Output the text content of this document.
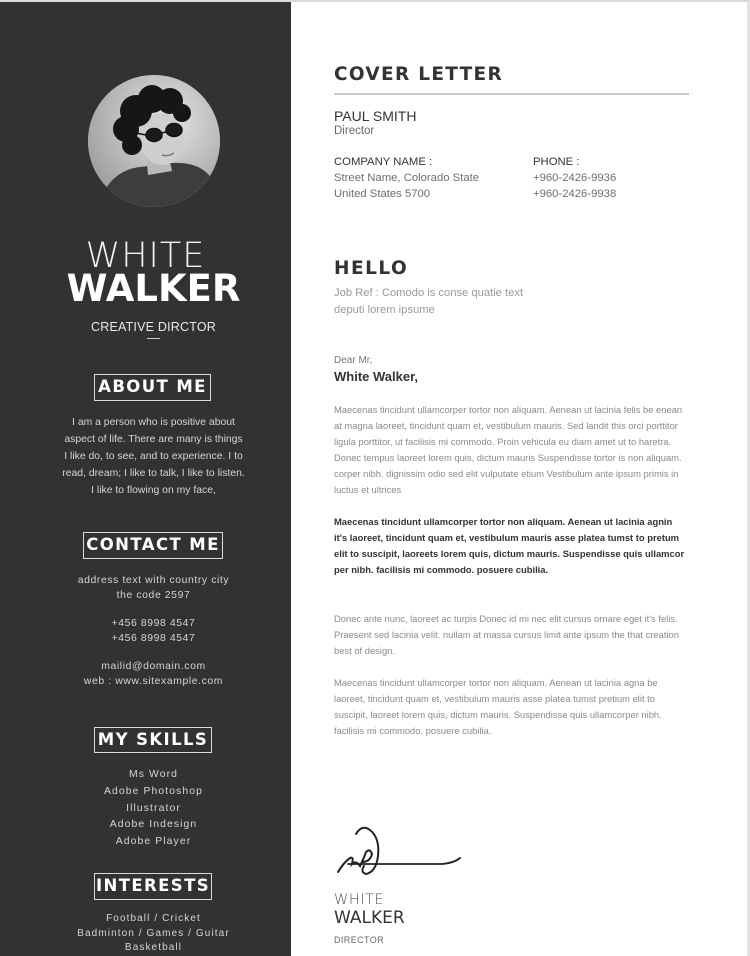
WHITE
WALKER
CREATIVE DIRCTOR
ABOUT ME
I am a person who is positive about
aspect of life. There are many is things
I like do, to see, and to experience. I to
read, dream; I like to talk, I like to listen.
I like to flowing on my face,
CONTACT ME
address text with country city
the code 2597
+456 8998 4547
+456 8998 4547
mailid@domain.com
web : www.sitexample.com
MY SKILLS
Ms Word
Adobe Photoshop
Illustrator
Adobe Indesign
Adobe Player
INTERESTS
Football / Cricket
Badminton / Games / Guitar
Basketball
COVER LETTER
PAUL SMITH
Director
COMPANY NAME :
Street Name, Colorado State
United States 5700
PHONE :
+960-2426-9936
+960-2426-9938
HELLO
Job Ref : Comodo is conse quatie text
deputi lorem ipsume
Dear Mr,
White Walker,

Maecenas tincidunt ullamcorper tortor non aliquam. Aenean ut lacinia felis be enean at magna laoreet, tincidunt quam et, vestibulum mauris. Sed landit this orci porttitor ligula porttitor, ut facilisis mi commodo. Proin vehicula eu diam amet ut to haretra. Donec tempus laoreet lorem quis, dictum mauris Suspendisse tortor is non aliquam. corper nibh. dignissim odio sed elit vulputate etium Vestibulum ante ipsum primis in luctus et ultrices

Maecenas tincidunt ullamcorper tortor non aliquam. Aenean ut lacinia agnin it's laoreet, tincidunt quam et, vestibulum mauris asse platea tumst to pretum elit to suscipit, laoreets lorem quis, dictum mauris. Suspendisse quis ullamcor per nibh. facilisis mi commodo. posuere cubilia.

Donec ante nunc, laoreet ac turpis Donec id mi nec elit cursus ornare eget it's felis. Praesent sed lacinia velit. nullam at massa cursus limit ante ipsum the that creation best of design.

Maecenas tincidunt ullamcorper tortor non aliquam. Aenean ut lacinia agna be laoreet, tincidunt quam et, vestibulum mauris asse platea tumst pretium elit to suscipit, laoreet lorem quis, dictum mauris. Suspendisse quis ullamcorper nibh. facilisis mi commodo. posuere cubilia.

WHITE
WALKER
DIRECTOR
